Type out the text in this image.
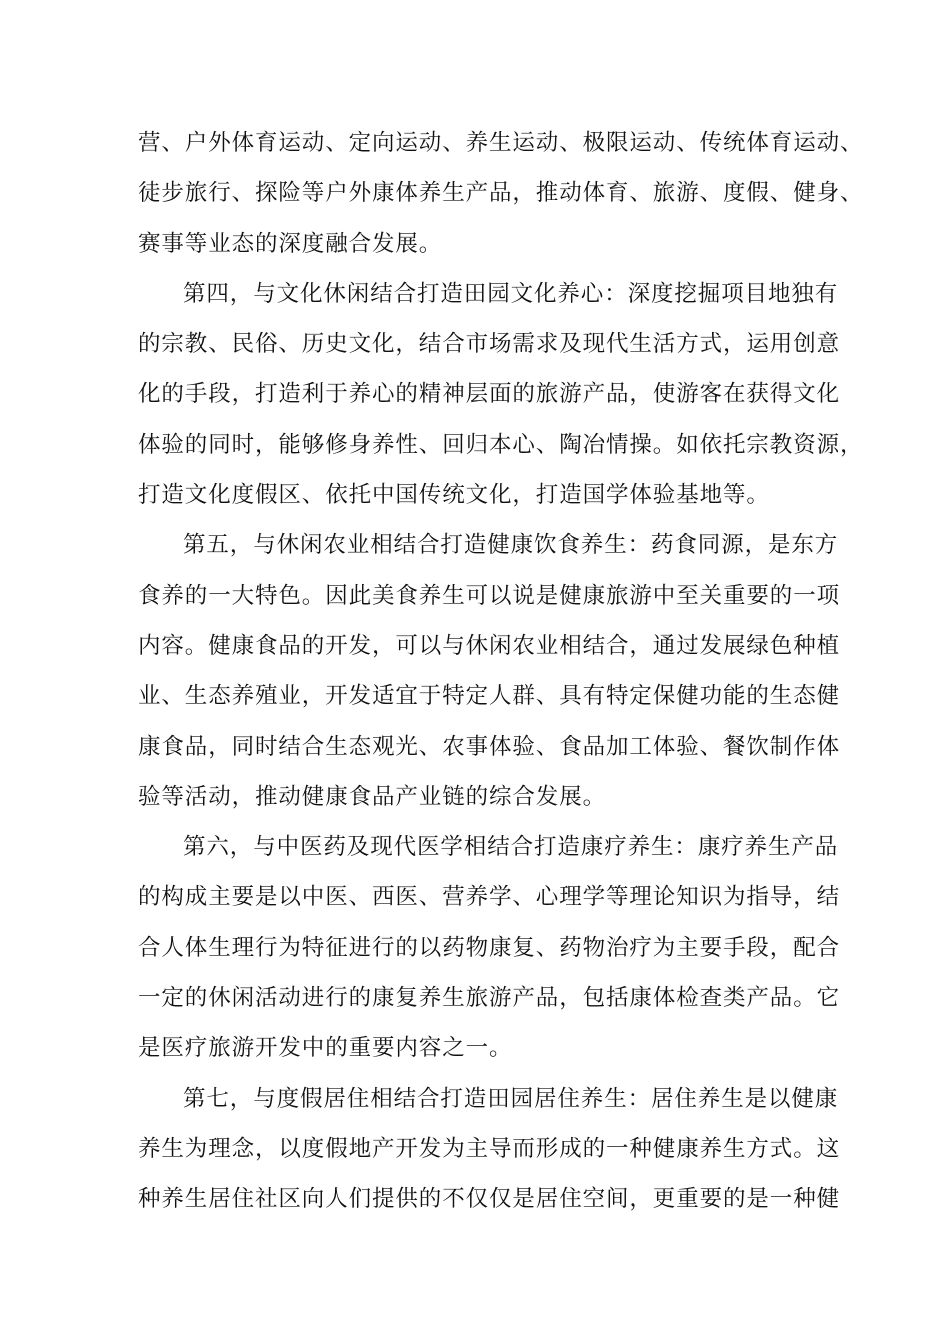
营、户外体育运动、定向运动、养生运动、极限运动、传统体育运动、
徒步旅行、探险等户外康体养生产品，推动体育、旅游、度假、健身、
赛事等业态的深度融合发展。
第四，与文化休闲结合打造田园文化养心：深度挖掘项目地独有
的宗教、民俗、历史文化，结合市场需求及现代生活方式，运用创意
化的手段，打造利于养心的精神层面的旅游产品，使游客在获得文化
体验的同时，能够修身养性、回归本心、陶冶情操。如依托宗教资源，
打造文化度假区、依托中国传统文化，打造国学体验基地等。
第五，与休闲农业相结合打造健康饮食养生：药食同源，是东方
食养的一大特色。因此美食养生可以说是健康旅游中至关重要的一项
内容。健康食品的开发，可以与休闲农业相结合，通过发展绿色种植
业、生态养殖业，开发适宜于特定人群、具有特定保健功能的生态健
康食品，同时结合生态观光、农事体验、食品加工体验、餐饮制作体
验等活动，推动健康食品产业链的综合发展。
第六，与中医药及现代医学相结合打造康疗养生：康疗养生产品
的构成主要是以中医、西医、营养学、心理学等理论知识为指导，结
合人体生理行为特征进行的以药物康复、药物治疗为主要手段，配合
一定的休闲活动进行的康复养生旅游产品，包括康体检查类产品。它
是医疗旅游开发中的重要内容之一。
第七，与度假居住相结合打造田园居住养生：居住养生是以健康
养生为理念，以度假地产开发为主导而形成的一种健康养生方式。这
种养生居住社区向人们提供的不仅仅是居住空间，更重要的是一种健
